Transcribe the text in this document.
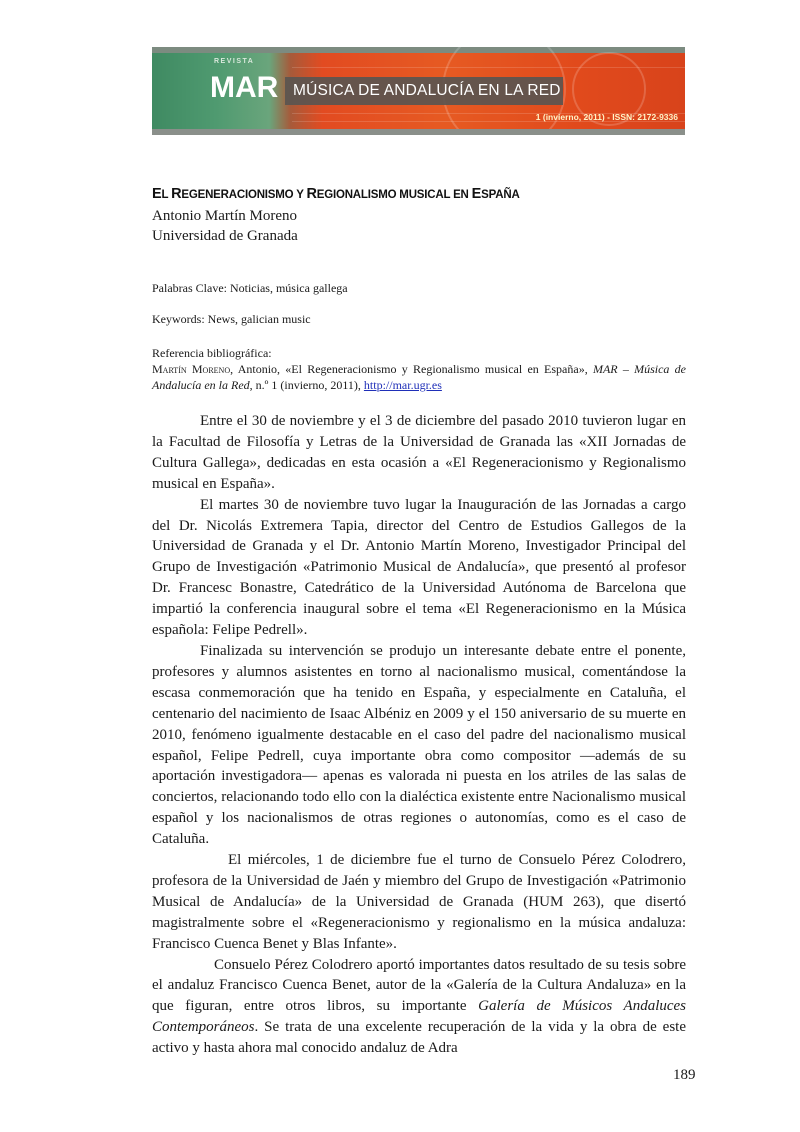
REVISTA
MAR MÚSICA DE ANDALUCÍA EN LA RED
1 (invierno, 2011) - ISSN: 2172-9336
EL REGENERACIONISMO Y REGIONALISMO MUSICAL EN ESPAÑA
Antonio Martín Moreno
Universidad de Granada
Palabras Clave: Noticias, música gallega
Keywords: News, galician music
Referencia bibliográfica:
Martín Moreno, Antonio, «El Regeneracionismo y Regionalismo musical en España», MAR – Música de Andalucía en la Red, n.º 1 (invierno, 2011), http://mar.ugr.es

Entre el 30 de noviembre y el 3 de diciembre del pasado 2010 tuvieron lugar en la Facultad de Filosofía y Letras de la Universidad de Granada las «XII Jornadas de Cultura Gallega», dedicadas en esta ocasión a «El Regeneracionismo y Regionalismo musical en España».

El martes 30 de noviembre tuvo lugar la Inauguración de las Jornadas a cargo del Dr. Nicolás Extremera Tapia, director del Centro de Estudios Gallegos de la Universidad de Granada y el Dr. Antonio Martín Moreno, Investigador Principal del Grupo de Investigación «Patrimonio Musical de Andalucía», que presentó al profesor Dr. Francesc Bonastre, Catedrático de la Universidad Autónoma de Barcelona que impartió la conferencia inaugural sobre el tema «El Regeneracionismo en la Música española: Felipe Pedrell».

Finalizada su intervención se produjo un interesante debate entre el ponente, profesores y alumnos asistentes en torno al nacionalismo musical, comentándose la escasa conmemoración que ha tenido en España, y especialmente en Cataluña, el centenario del nacimiento de Isaac Albéniz en 2009 y el 150 aniversario de su muerte en 2010, fenómeno igualmente destacable en el caso del padre del nacionalismo musical español, Felipe Pedrell, cuya importante obra como compositor —además de su aportación investigadora— apenas es valorada ni puesta en los atriles de las salas de conciertos, relacionando todo ello con la dialéctica existente entre Nacionalismo musical español y los nacionalismos de otras regiones o autonomías, como es el caso de Cataluña.

El miércoles, 1 de diciembre fue el turno de Consuelo Pérez Colodrero, profesora de la Universidad de Jaén y miembro del Grupo de Investigación «Patrimonio Musical de Andalucía» de la Universidad de Granada (HUM 263), que disertó magistralmente sobre el «Regeneracionismo y regionalismo en la música andaluza: Francisco Cuenca Benet y Blas Infante».

Consuelo Pérez Colodrero aportó importantes datos resultado de su tesis sobre el andaluz Francisco Cuenca Benet, autor de la «Galería de la Cultura Andaluza» en la que figuran, entre otros libros, su importante Galería de Músicos Andaluces Contemporáneos. Se trata de una excelente recuperación de la vida y la obra de este activo y hasta ahora mal conocido andaluz de Adra

189
